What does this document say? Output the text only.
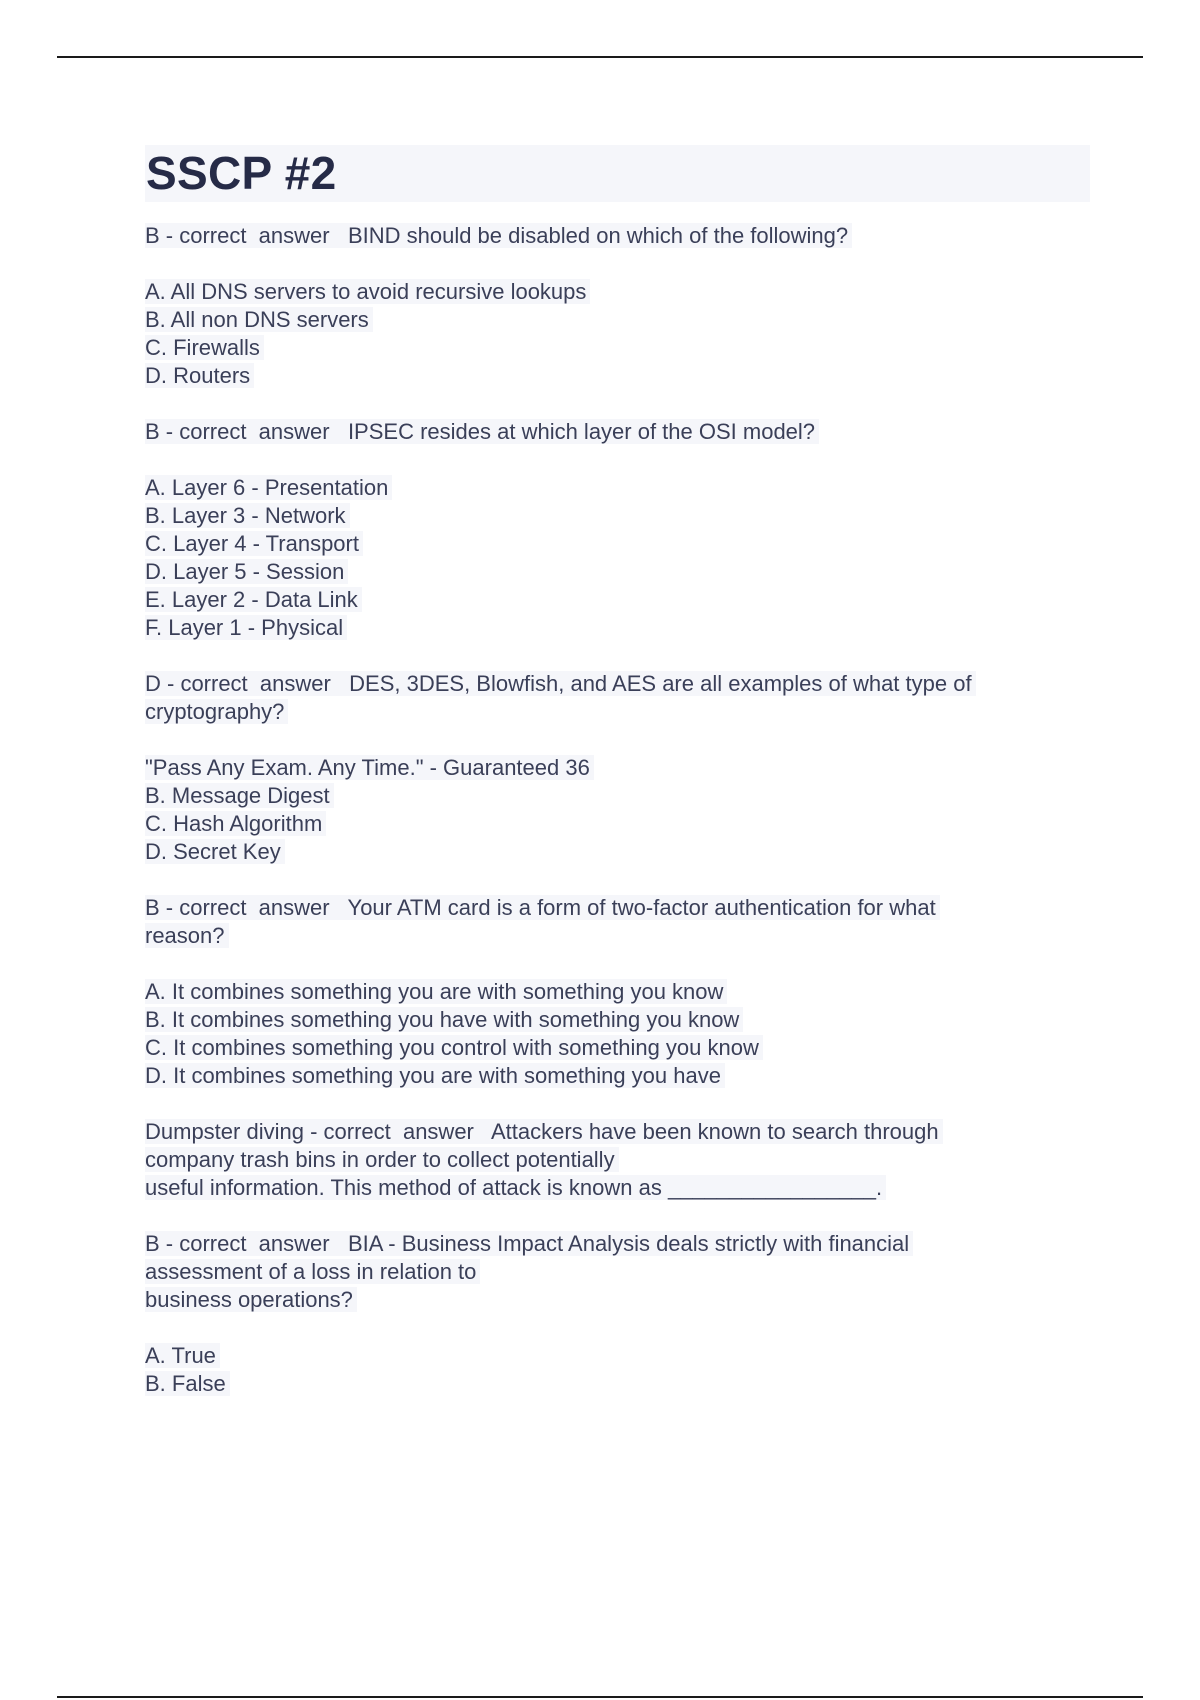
SSCP #2

B - correct  answer   BIND should be disabled on which of the following?

A. All DNS servers to avoid recursive lookups
B. All non DNS servers
C. Firewalls
D. Routers

B - correct  answer   IPSEC resides at which layer of the OSI model?

A. Layer 6 - Presentation
B. Layer 3 - Network
C. Layer 4 - Transport
D. Layer 5 - Session
E. Layer 2 - Data Link
F. Layer 1 - Physical

D - correct  answer   DES, 3DES, Blowfish, and AES are all examples of what type of
cryptography?

"Pass Any Exam. Any Time." - Guaranteed 36
B. Message Digest
C. Hash Algorithm
D. Secret Key

B - correct  answer   Your ATM card is a form of two-factor authentication for what
reason?

A. It combines something you are with something you know
B. It combines something you have with something you know
C. It combines something you control with something you know
D. It combines something you are with something you have

Dumpster diving - correct  answer   Attackers have been known to search through
company trash bins in order to collect potentially
useful information. This method of attack is known as _________________.

B - correct  answer   BIA - Business Impact Analysis deals strictly with financial
assessment of a loss in relation to
business operations?

A. True
B. False
